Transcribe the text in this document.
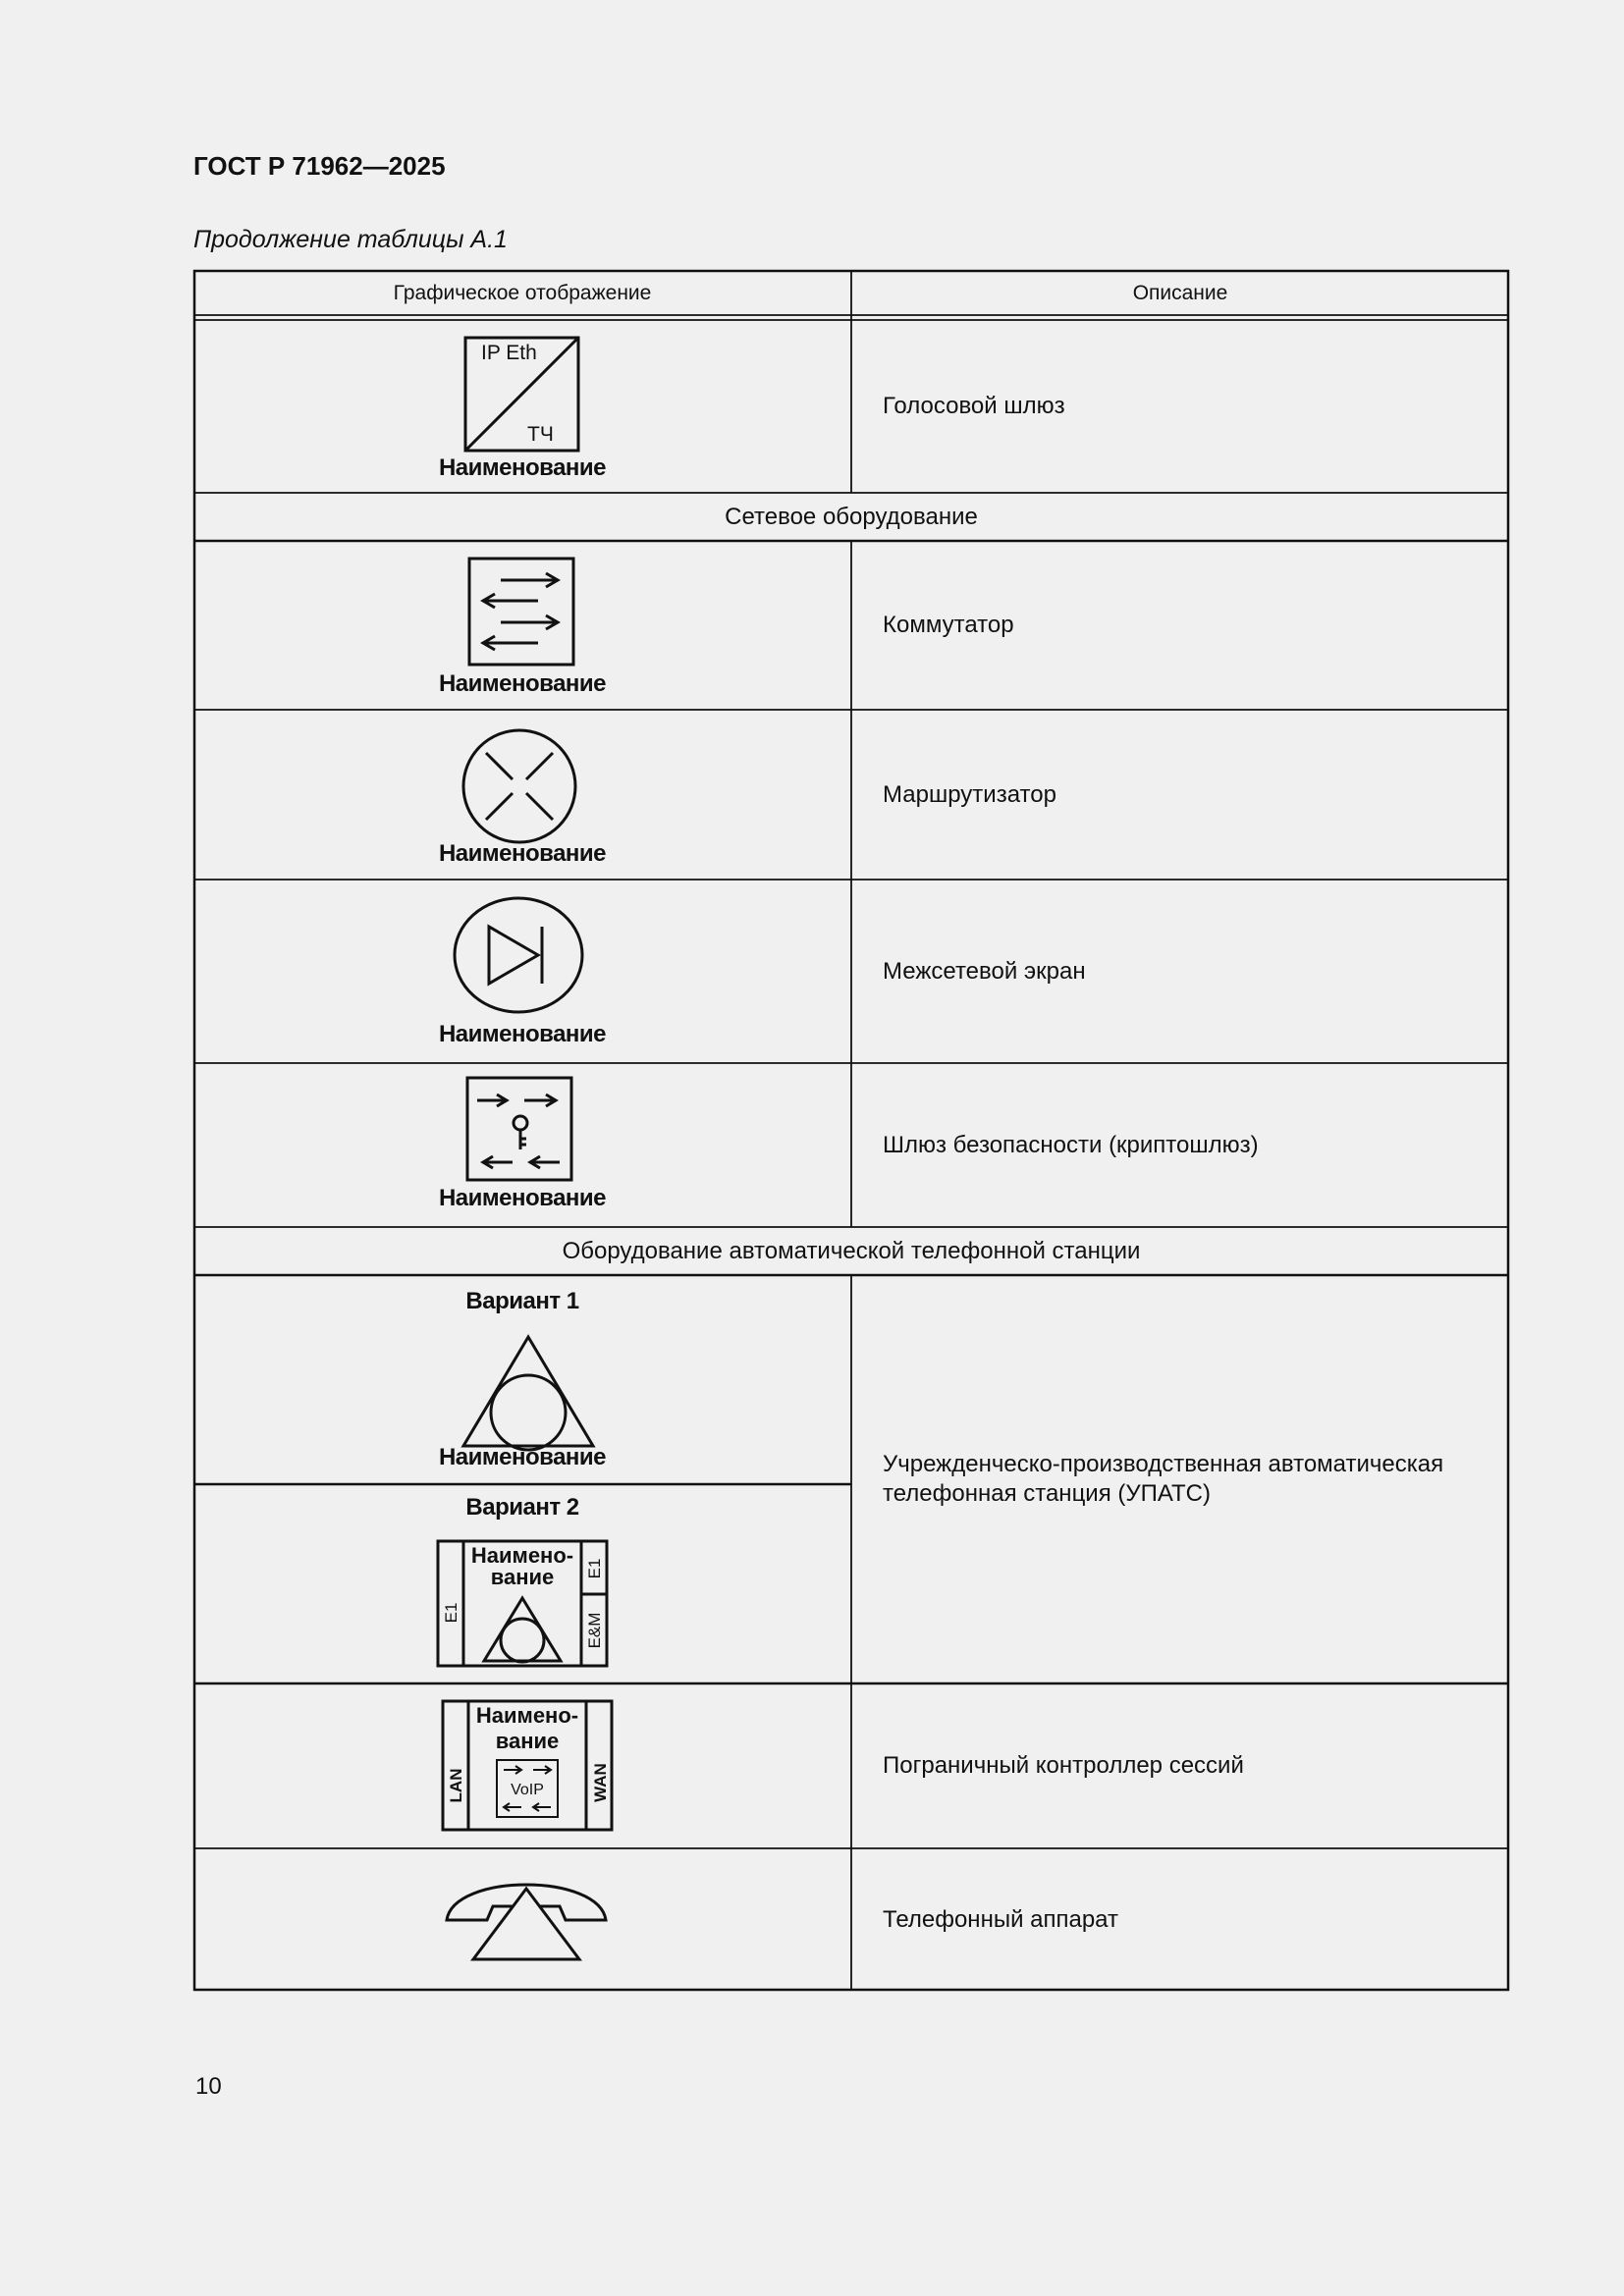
ГОСТ Р 71962—2025
Продолжение таблицы А.1
Графическое отображение	Описание
IP Eth
ТЧ
Наименование
Голосовой шлюз
Сетевое оборудование
Наименование
Коммутатор
Наименование
Маршрутизатор
Наименование
Межсетевой экран
Наименование
Шлюз безопасности (криптошлюз)
Оборудование автоматической телефонной станции
Вариант 1
Наименование
Вариант 2
Наимено-
вание
E1
E1
E&M
Учрежденческо-производственная автоматическая телефонная станция (УПАТС)
Наимено-
вание
LAN	WAN
VoIP
Пограничный контроллер сессий
Телефонный аппарат
10
